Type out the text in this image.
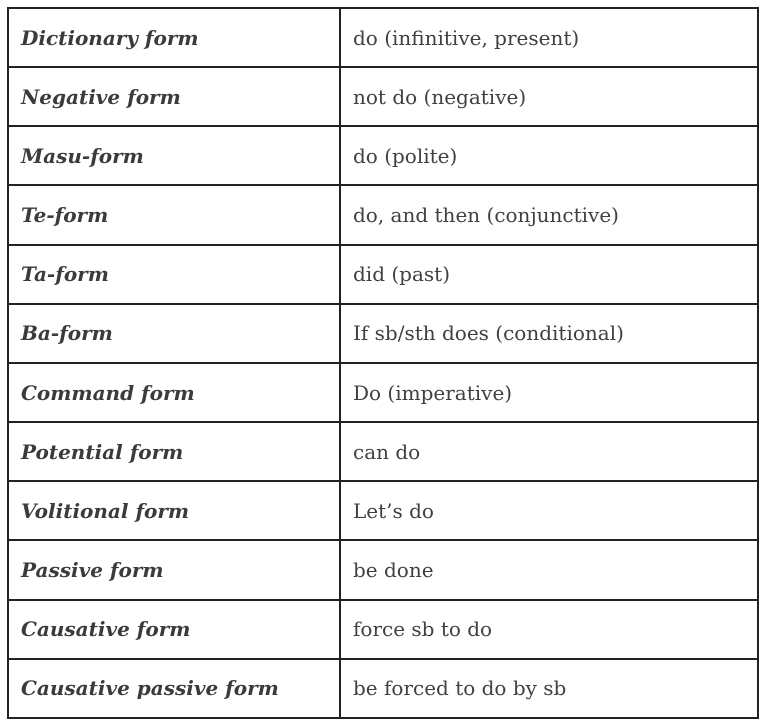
Dictionary form	do (infinitive, present)
Negative form	not do (negative)
Masu-form	do (polite)
Te-form	do, and then (conjunctive)
Ta-form	did (past)
Ba-form	If sb/sth does (conditional)
Command form	Do (imperative)
Potential form	can do
Volitional form	Let’s do
Passive form	be done
Causative form	force sb to do
Causative passive form	be forced to do by sb
